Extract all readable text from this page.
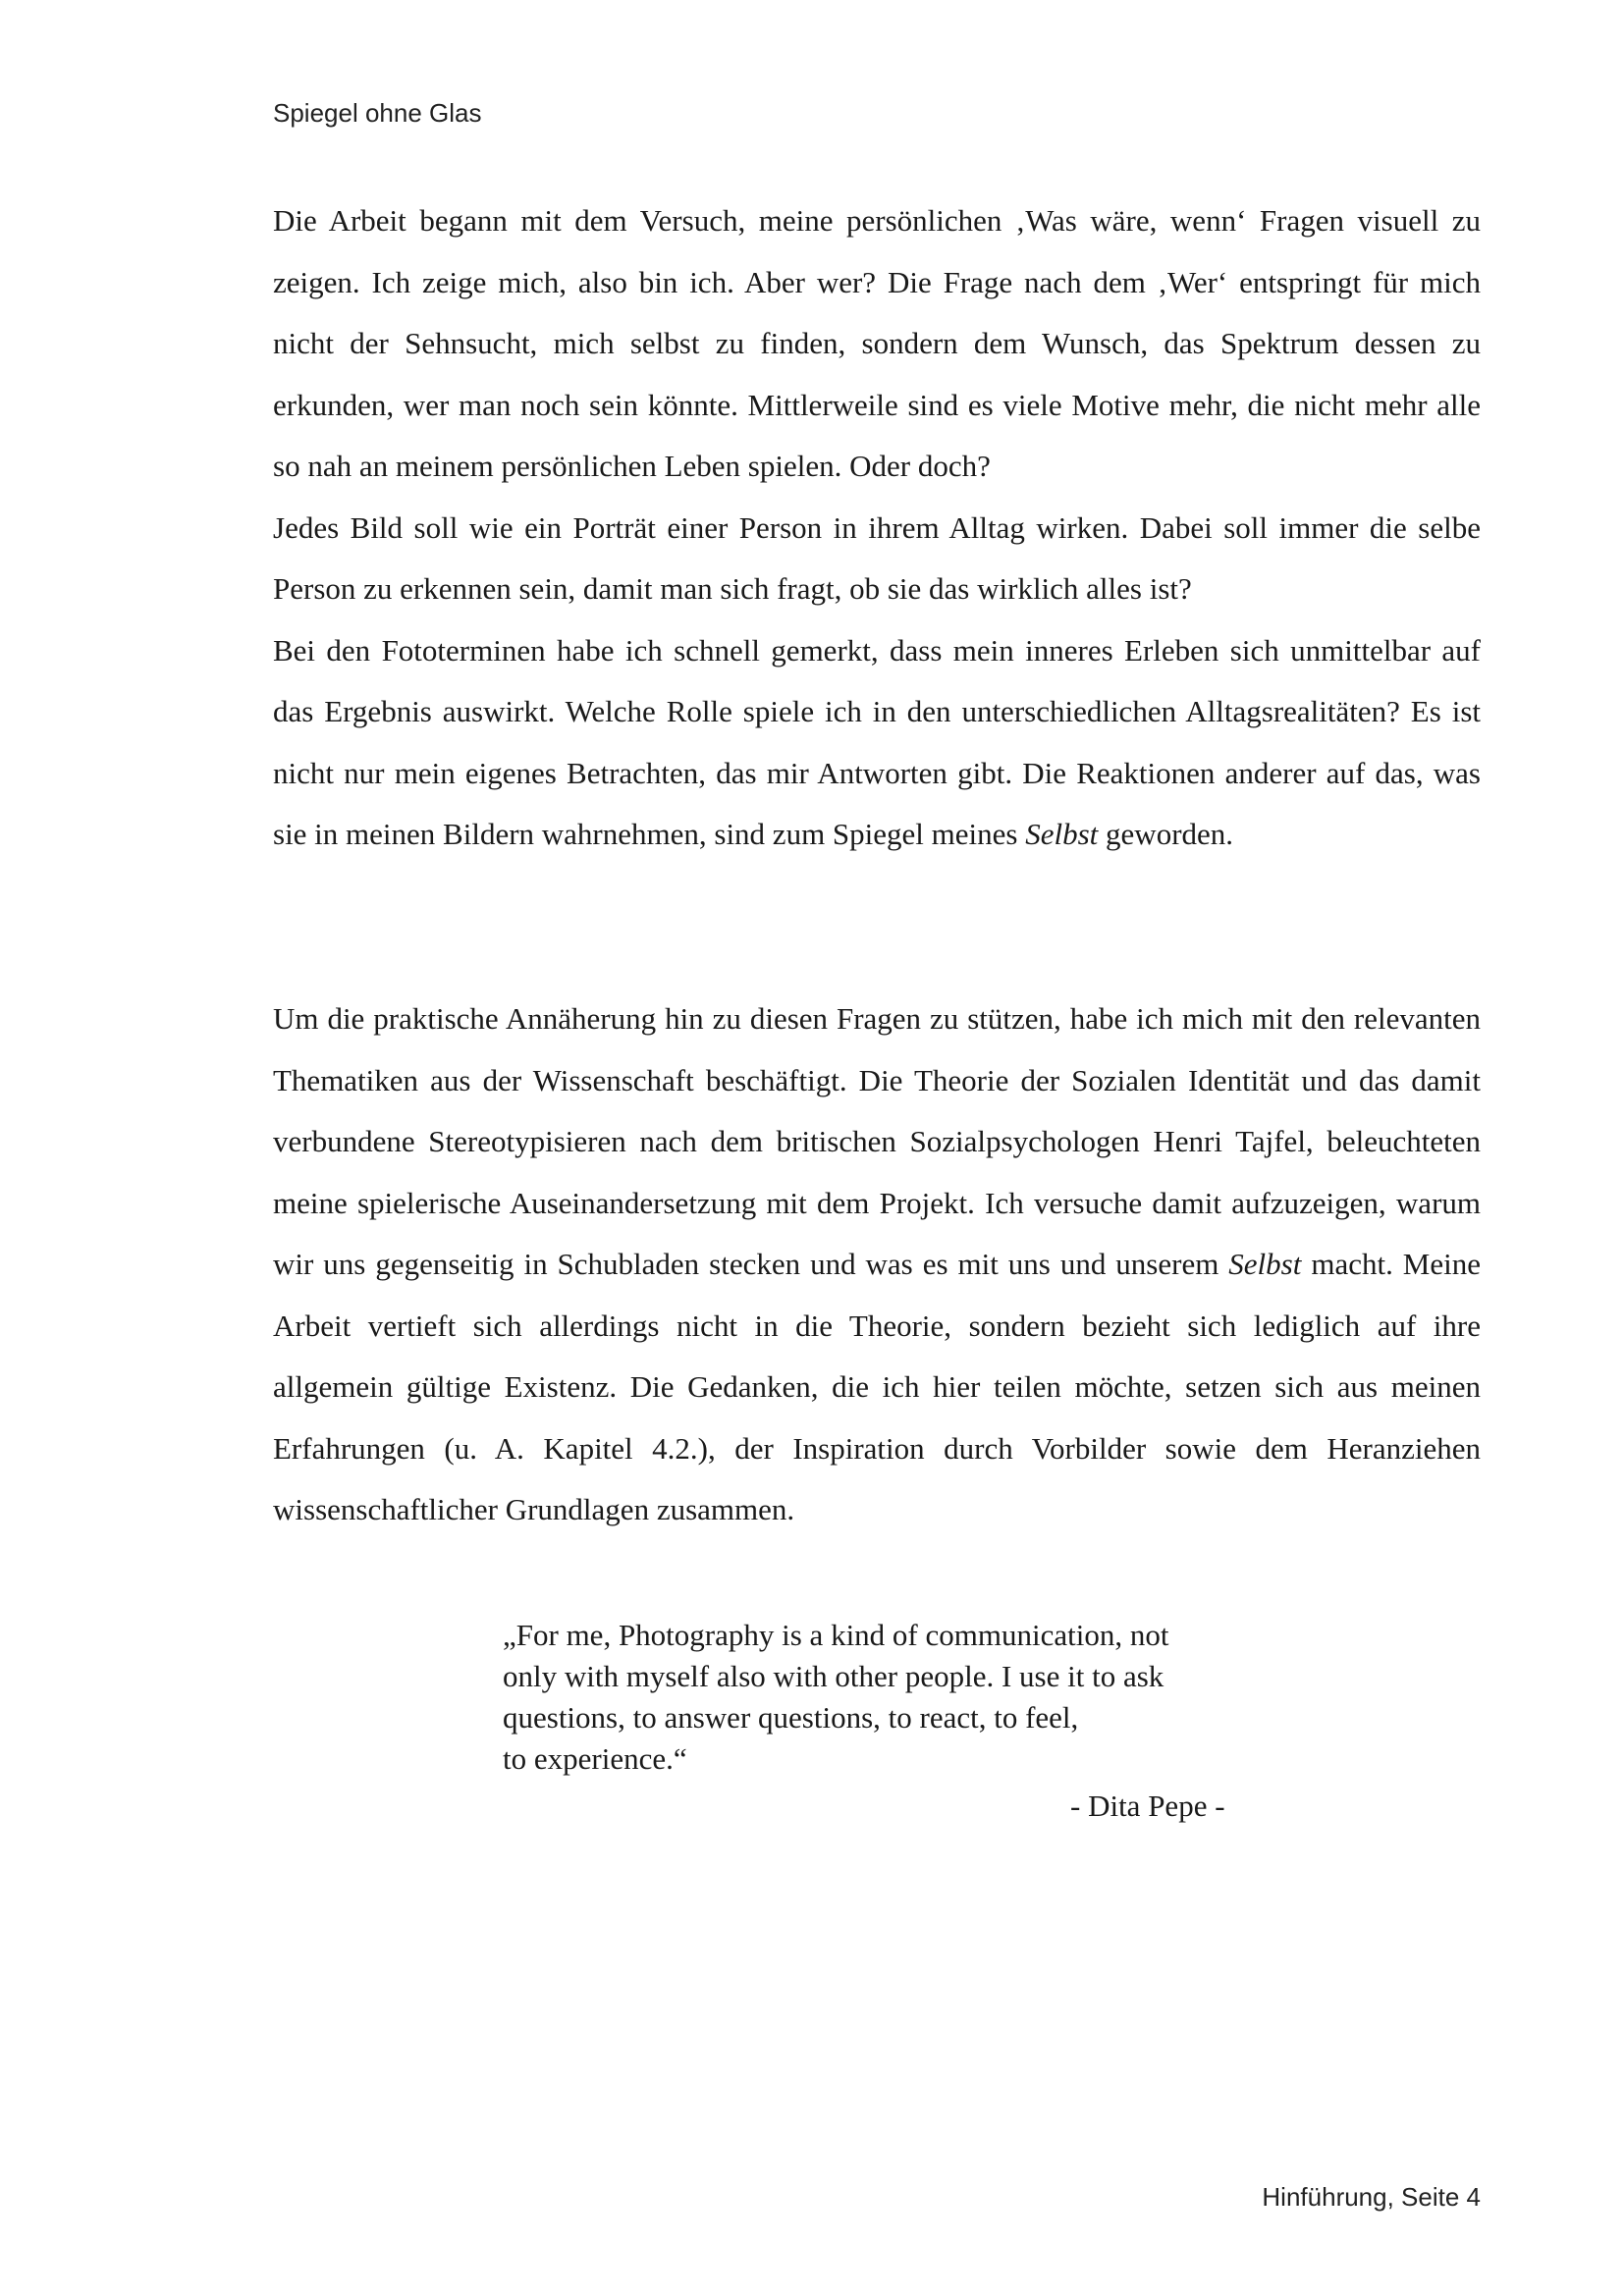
Spiegel ohne Glas

Die Arbeit begann mit dem Versuch, meine persönlichen ‚Was wäre, wenn‘ Fragen visuell zu zeigen. Ich zeige mich, also bin ich. Aber wer? Die Frage nach dem ‚Wer‘ entspringt für mich nicht der Sehnsucht, mich selbst zu finden, sondern dem Wunsch, das Spektrum dessen zu erkunden, wer man noch sein könnte. Mittlerweile sind es viele Motive mehr, die nicht mehr alle so nah an meinem persönlichen Leben spielen. Oder doch?

Jedes Bild soll wie ein Porträt einer Person in ihrem Alltag wirken. Dabei soll immer die selbe Person zu erkennen sein, damit man sich fragt, ob sie das wirklich alles ist?

Bei den Fototerminen habe ich schnell gemerkt, dass mein inneres Erleben sich unmittelbar auf das Ergebnis auswirkt. Welche Rolle spiele ich in den unterschiedlichen Alltagsrealitäten? Es ist nicht nur mein eigenes Betrachten, das mir Antworten gibt. Die Reaktionen anderer auf das, was sie in meinen Bildern wahrnehmen, sind zum Spiegel meines Selbst geworden.

Um die praktische Annäherung hin zu diesen Fragen zu stützen, habe ich mich mit den relevanten Thematiken aus der Wissenschaft beschäftigt. Die Theorie der Sozialen Identität und das damit verbundene Stereotypisieren nach dem britischen Sozialpsychologen Henri Tajfel, beleuchteten meine spielerische Auseinandersetzung mit dem Projekt. Ich versuche damit aufzuzeigen, warum wir uns gegenseitig in Schubladen stecken und was es mit uns und unserem Selbst macht. Meine Arbeit vertieft sich allerdings nicht in die Theorie, sondern bezieht sich lediglich auf ihre allgemein gültige Existenz. Die Gedanken, die ich hier teilen möchte, setzen sich aus meinen Erfahrungen (u. A. Kapitel 4.2.), der Inspiration durch Vorbilder sowie dem Heranziehen wissenschaftlicher Grundlagen zusammen.

„For me, Photography is a kind of communication, not
only with myself also with other people. I use it to ask
questions, to answer questions, to react, to feel,
to experience.“
- Dita Pepe -
Hinführung, Seite 4
